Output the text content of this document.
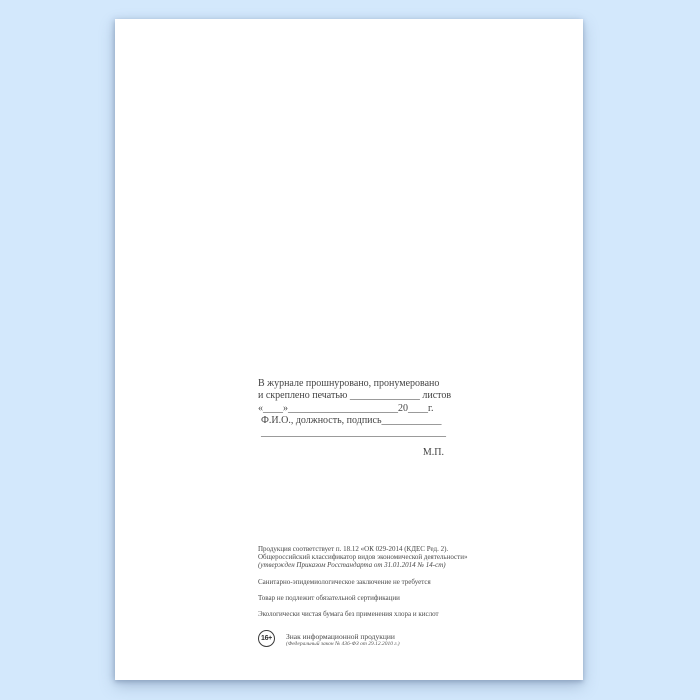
В журнале прошнуровано, пронумеровано
и скреплено печатью ______________ листов
«____»______________________20____г.
Ф.И.О., должность, подпись____________
_____________________________________
М.П.
Продукция соответствует п. 18.12 «ОК 029-2014 (КДЕС Ред. 2).
Общероссийский классификатор видов экономической деятельности»
(утвержден Приказом Росстандарта от 31.01.2014 № 14-ст)
Санитарно-эпидемиологическое заключение не требуется
Товар не подлежит обязательной сертификации
Экологически чистая бумага без применения хлора и кислот
16+	Знак информационной продукции
(Федеральный закон № 436-ФЗ от 29.12.2010 г.)
